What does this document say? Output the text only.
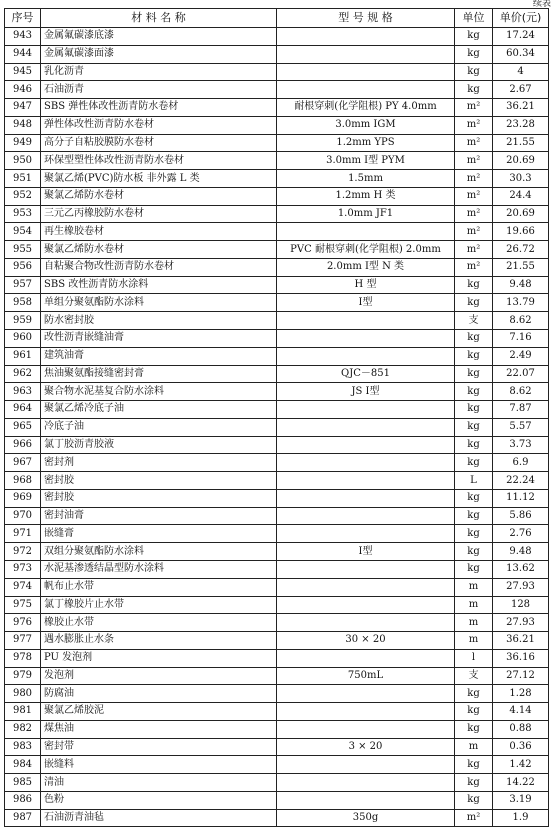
续表
序号	材 料 名 称	型 号 规 格	单位	单价(元)
943	金属氟碳漆底漆		kg	17.24
944	金属氟碳漆面漆		kg	60.34
945	乳化沥青		kg	4
946	石油沥青		kg	2.67
947	SBS 弹性体改性沥青防水卷材	耐根穿刺(化学阻根) PY 4.0mm	m²	36.21
948	弹性体改性沥青防水卷材	3.0mm IGM	m²	23.28
949	高分子自粘胶膜防水卷材	1.2mm YPS	m²	21.55
950	环保型塑性体改性沥青防水卷材	3.0mm Ⅰ型 PYM	m²	20.69
951	聚氯乙烯(PVC)防水板 非外露 L 类	1.5mm	m²	30.3
952	聚氯乙烯防水卷材	1.2mm H 类	m²	24.4
953	三元乙丙橡胶防水卷材	1.0mm JF1	m²	20.69
954	再生橡胶卷材		m²	19.66
955	聚氯乙烯防水卷材	PVC 耐根穿刺(化学阻根) 2.0mm	m²	26.72
956	自粘聚合物改性沥青防水卷材	2.0mm Ⅰ型 N 类	m²	21.55
957	SBS 改性沥青防水涂料	H 型	kg	9.48
958	单组分聚氨酯防水涂料	Ⅰ型	kg	13.79
959	防水密封胶		支	8.62
960	改性沥青嵌缝油膏		kg	7.16
961	建筑油膏		kg	2.49
962	焦油聚氨酯接缝密封膏	QJC－851	kg	22.07
963	聚合物水泥基复合防水涂料	JS Ⅰ型	kg	8.62
964	聚氯乙烯冷底子油		kg	7.87
965	冷底子油		kg	5.57
966	氯丁胶沥青胶液		kg	3.73
967	密封剂		kg	6.9
968	密封胶		L	22.24
969	密封胶		kg	11.12
970	密封油膏		kg	5.86
971	嵌缝膏		kg	2.76
972	双组分聚氨酯防水涂料	Ⅰ型	kg	9.48
973	水泥基渗透结晶型防水涂料		kg	13.62
974	帆布止水带		m	27.93
975	氯丁橡胶片止水带		m	128
976	橡胶止水带		m	27.93
977	遇水膨胀止水条	30 × 20	m	36.21
978	PU 发泡剂		l	36.16
979	发泡剂	750mL	支	27.12
980	防腐油		kg	1.28
981	聚氯乙烯胶泥		kg	4.14
982	煤焦油		kg	0.88
983	密封带	3 × 20	m	0.36
984	嵌缝料		kg	1.42
985	清油		kg	14.22
986	色粉		kg	3.19
987	石油沥青油毡	350g	m²	1.9
